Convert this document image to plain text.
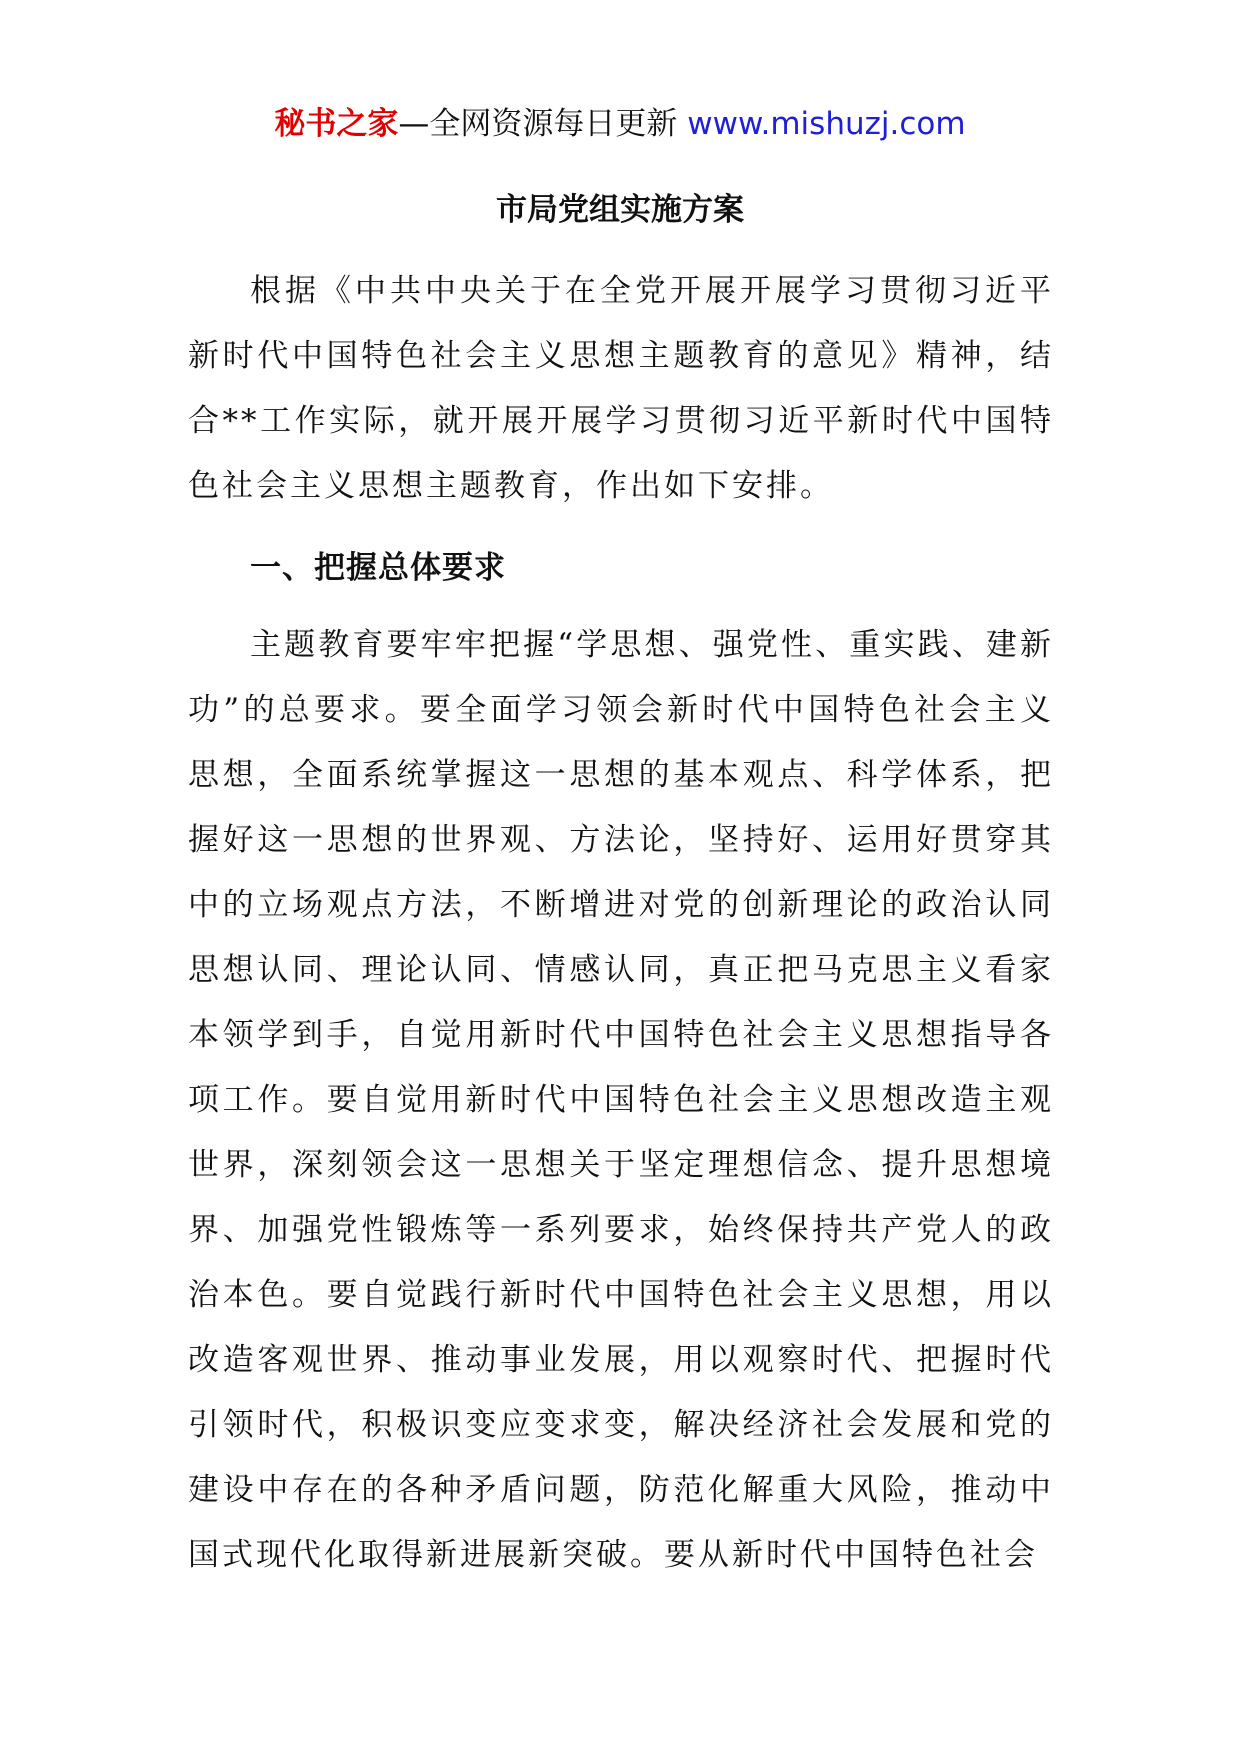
秘书之家—全网资源每日更新 www.mishuzj.com
市局党组实施方案

根据《中共中央关于在全党开展开展学习贯彻习近平新时代中国特色社会主义思想主题教育的意见》精神，结合**工作实际，就开展开展学习贯彻习近平新时代中国特色社会主义思想主题教育，作出如下安排。

一、把握总体要求

主题教育要牢牢把握“学思想、强党性、重实践、建新功”的总要求。要全面学习领会新时代中国特色社会主义思想，全面系统掌握这一思想的基本观点、科学体系，把握好这一思想的世界观、方法论，坚持好、运用好贯穿其中的立场观点方法，不断增进对党的创新理论的政治认同思想认同、理论认同、情感认同，真正把马克思主义看家本领学到手，自觉用新时代中国特色社会主义思想指导各项工作。要自觉用新时代中国特色社会主义思想改造主观世界，深刻领会这一思想关于坚定理想信念、提升思想境界、加强党性锻炼等一系列要求，始终保持共产党人的政治本色。要自觉践行新时代中国特色社会主义思想，用以改造客观世界、推动事业发展，用以观察时代、把握时代引领时代，积极识变应变求变，解决经济社会发展和党的建设中存在的各种矛盾问题，防范化解重大风险，推动中国式现代化取得新进展新突破。要从新时代中国特色社会
